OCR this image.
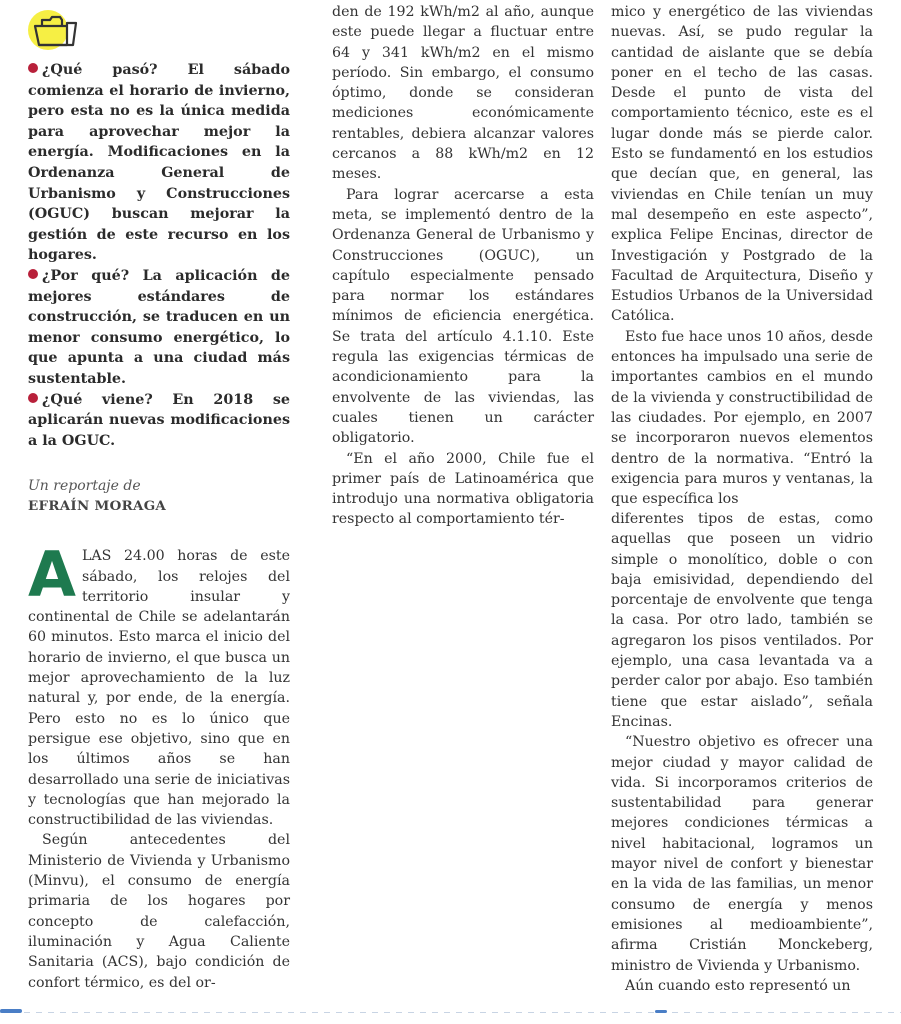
¿Qué pasó? El sábado comienza el horario de invierno, pero esta no es la única medida para aprovechar mejor la energía. Modificaciones en la Ordenanza General de Urbanismo y Construcciones (OGUC) buscan mejorar la gestión de este recurso en los hogares.

¿Por qué? La aplicación de mejores estándares de construcción, se traducen en un menor consumo energético, lo que apunta a una ciudad más sustentable.

¿Qué viene? En 2018 se aplicarán nuevas modificaciones a la OGUC.

Un reportaje de
EFRAÍN MORAGA

ALAS 24.00 horas de este sábado, los relojes del territorio insular y continental de Chile se adelantarán 60 minutos. Esto marca el inicio del horario de invierno, el que busca un mejor aprovechamiento de la luz natural y, por ende, de la energía. Pero esto no es lo único que persigue ese objetivo, sino que en los últimos años se han desarrollado una serie de iniciativas y tecnologías que han mejorado la constructibilidad de las viviendas.

Según antecedentes del Ministerio de Vivienda y Urbanismo (Minvu), el consumo de energía primaria de los hogares por concepto de calefacción, iluminación y Agua Caliente Sanitaria (ACS), bajo condición de confort térmico, es del or-

den de 192 kWh/m2 al año, aunque este puede llegar a fluctuar entre 64 y 341 kWh/m2 en el mismo período. Sin embargo, el consumo óptimo, donde se consideran mediciones económicamente rentables, debiera alcanzar valores cercanos a 88 kWh/m2 en 12 meses.

Para lograr acercarse a esta meta, se implementó dentro de la Ordenanza General de Urbanismo y Construcciones (OGUC), un capítulo especialmente pensado para normar los estándares mínimos de eficiencia energética. Se trata del artículo 4.1.10. Este regula las exigencias térmicas de acondicionamiento para la envolvente de las viviendas, las cuales tienen un carácter obligatorio.

“En el año 2000, Chile fue el primer país de Latinoamérica que introdujo una normativa obligatoria respecto al comportamiento tér-

mico y energético de las viviendas nuevas. Así, se pudo regular la cantidad de aislante que se debía poner en el techo de las casas. Desde el punto de vista del comportamiento técnico, este es el lugar donde más se pierde calor. Esto se fundamentó en los estudios que decían que, en general, las viviendas en Chile tenían un muy mal desempeño en este aspecto”, explica Felipe Encinas, director de Investigación y Postgrado de la Facultad de Arquitectura, Diseño y Estudios Urbanos de la Universidad Católica.

Esto fue hace unos 10 años, desde entonces ha impulsado una serie de importantes cambios en el mundo de la vivienda y constructibilidad de las ciudades. Por ejemplo, en 2007 se incorporaron nuevos elementos dentro de la normativa. “Entró la exigencia para muros y ventanas, la que específica los

diferentes tipos de estas, como aquellas que poseen un vidrio simple o monolítico, doble o con baja emisividad, dependiendo del porcentaje de envolvente que tenga la casa. Por otro lado, también se agregaron los pisos ventilados. Por ejemplo, una casa levantada va a perder calor por abajo. Eso también tiene que estar aislado”, señala Encinas.

“Nuestro objetivo es ofrecer una mejor ciudad y mayor calidad de vida. Si incorporamos criterios de sustentabilidad para generar mejores condiciones térmicas a nivel habitacional, logramos un mayor nivel de confort y bienestar en la vida de las familias, un menor consumo de energía y menos emisiones al medioambiente”, afirma Cristián Monckeberg, ministro de Vivienda y Urbanismo.

Aún cuando esto representó un
